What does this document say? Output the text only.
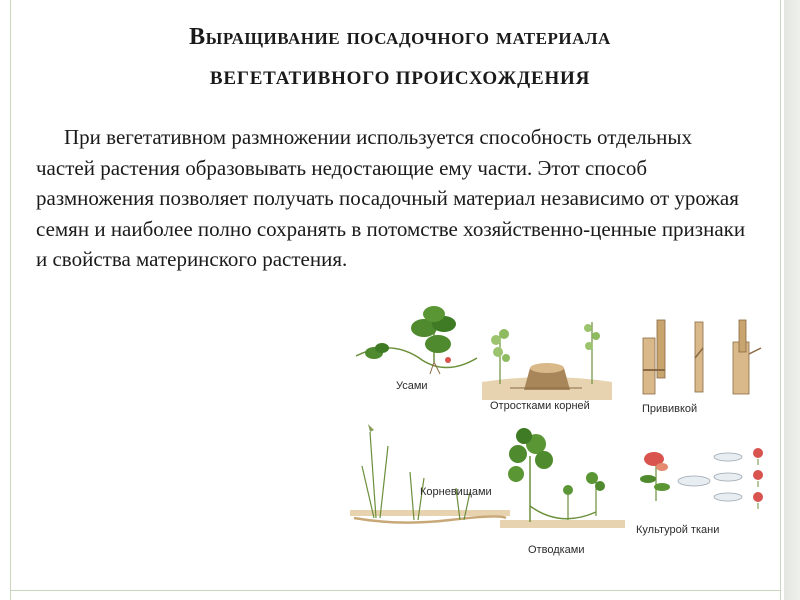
Выращивание посадочного материала
ВЕГЕТАТИВНОГО ПРОИСХОЖДЕНИЯ

При вегетативном размножении используется способность отдельных частей растения образовывать недостающие ему части. Этот способ размножения позволяет получать посадочный материал независимо от урожая семян и наиболее полно сохранять в потомстве хозяйственно-ценные признаки и свойства материнского растения.

Усами
Отростками корней	Прививкой
Корневищами
Отводками
Культурой ткани
